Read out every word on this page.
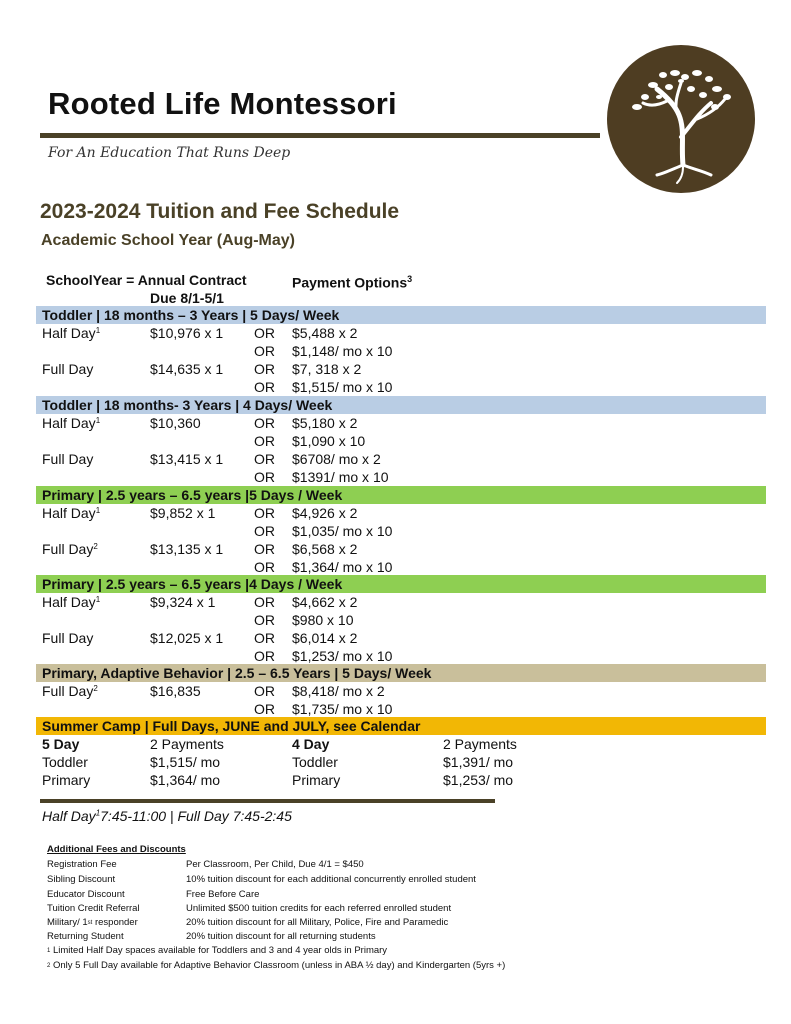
Rooted Life Montessori
For An Education That Runs Deep
2023-2024 Tuition and Fee Schedule
Academic School Year (Aug-May)
SchoolYear = Annual Contract
Due 8/1-5/1
Payment Options$^3$
Toddler | 18 months – 3 Years | 5 Days/ Week
Half Day$^1$	$10,976 x 1 OR $5,488 x 2
OR $1,148/ mo x 10
Full Day	$14,635 x 1 OR $7, 318 x 2
OR $1,515/ mo x 10
Toddler | 18 months- 3 Years | 4 Days/ Week
Half Day$^1$	$10,360	OR $5,180 x 2
OR $1,090 x 10
Full Day	$13,415 x 1 OR $6708/ mo x 2
OR $1391/ mo x 10
Primary | 2.5 years – 6.5 years |5 Days / Week
Half Day$^1$	$9,852 x 1	OR $4,926 x 2
OR $1,035/ mo x 10
Full Day$^2$	$13,135 x 1 OR $6,568 x 2
OR $1,364/ mo x 10
Primary | 2.5 years – 6.5 years |4 Days / Week
Half Day$^1$	$9,324 x 1	OR $4,662 x 2
OR $980 x 10
Full Day	$12,025 x 1 OR $6,014 x 2
OR $1,253/ mo x 10
Primary, Adaptive Behavior | 2.5 – 6.5 Years | 5 Days/ Week
Full Day$^2$	$16,835	OR $8,418/ mo x 2
OR $1,735/ mo x 10
Summer Camp | Full Days, JUNE and JULY, see Calendar
5 Day	2 Payments	4 Day	2 Payments
Toddler	$1,515/ mo	Toddler	$1,391/ mo
Primary	$1,364/ mo	Primary	$1,253/ mo
Half Day$^1$7:45-11:00 | Full Day 7:45-2:45
Additional Fees and Discounts
Registration Fee	Per Classroom, Per Child, Due 4/1 = $450
Sibling Discount	10% tuition discount for each additional concurrently enrolled student
Educator Discount	Free Before Care
Tuition Credit Referral	Unlimited $500 tuition credits for each referred enrolled student
Military/ 1st responder	20% tuition discount for all Military, Police, Fire and Paramedic
Returning Student	20% tuition discount for all returning students
$^1$ Limited Half Day spaces available for Toddlers and 3 and 4 year olds in Primary
$^2$ Only 5 Full Day available for Adaptive Behavior Classroom (unless in ABA ½ day) and Kindergarten (5yrs +)
